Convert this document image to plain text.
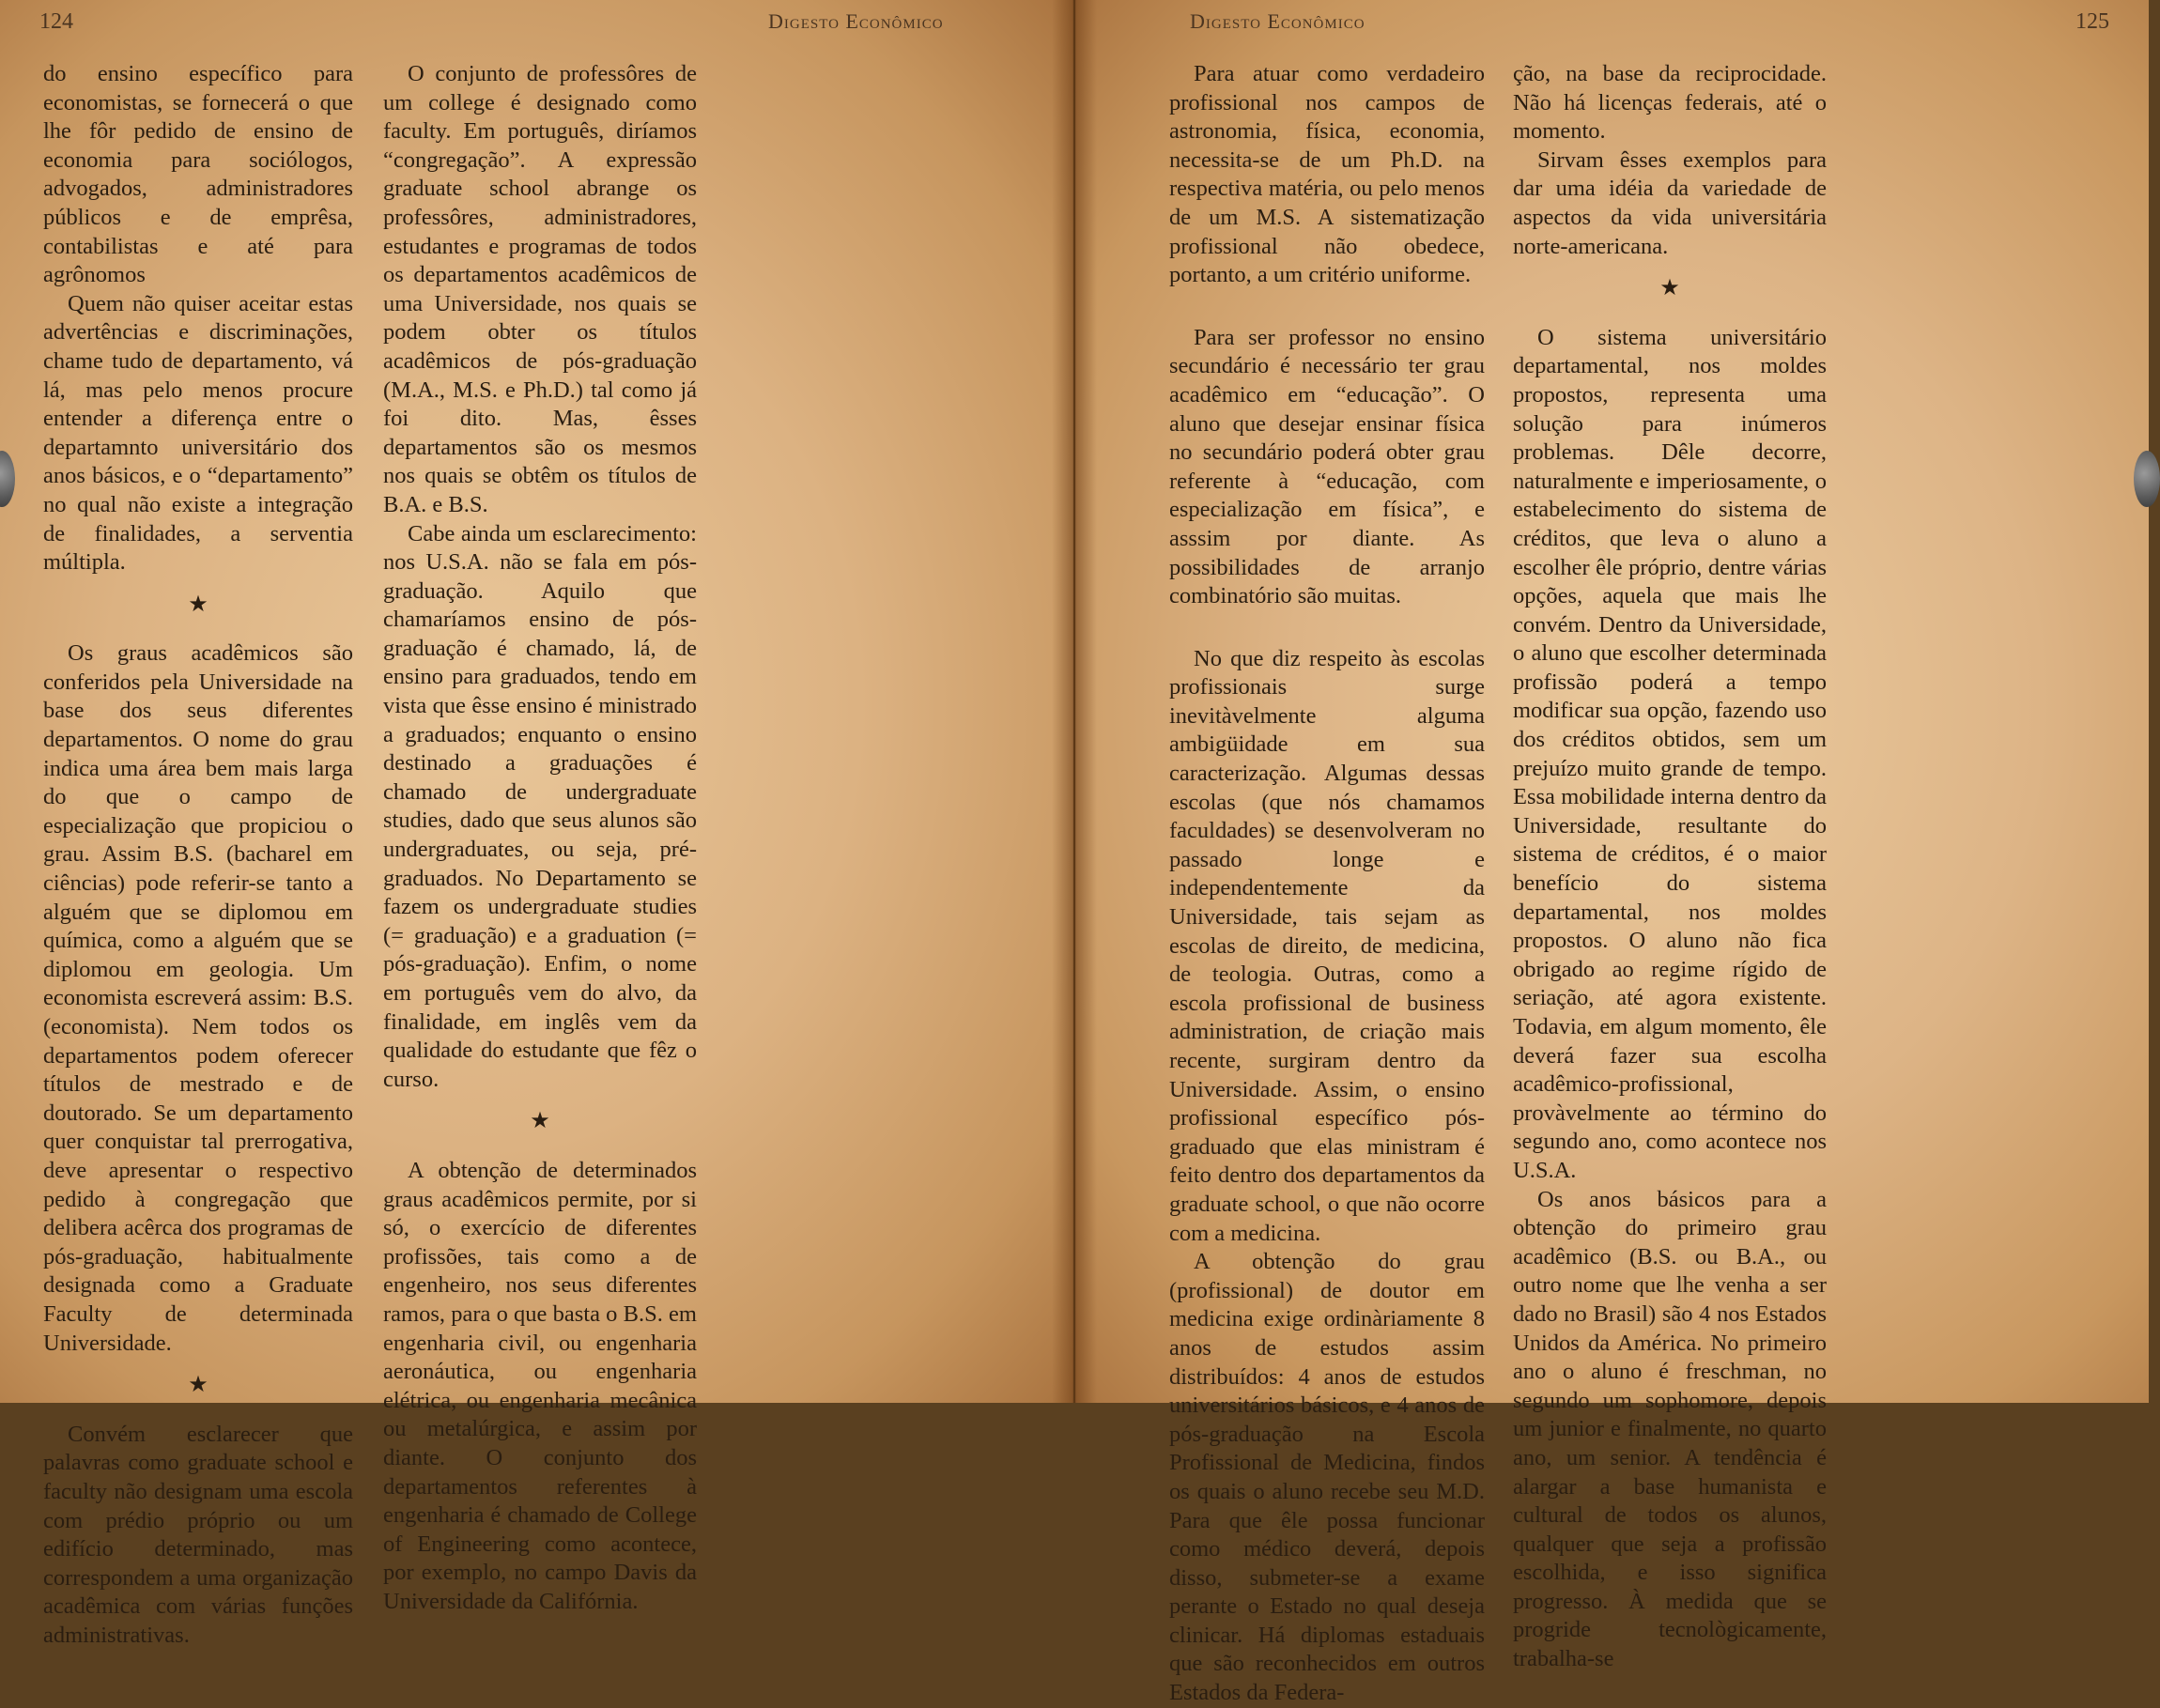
124	Digesto Econômico

do ensino específico para economistas, se fornecerá o que lhe fôr pedido de ensino de economia para sociólogos, advogados, administradores públicos e de emprêsa, contabilistas e até para agrônomos

Quem não quiser aceitar estas advertências e discriminações, chame tudo de departamento, vá lá, mas pelo menos procure entender a diferença entre o departamnto universitário dos anos básicos, e o “departamento” no qual não existe a integração de finalidades, a serventia múltipla.

★

Os graus acadêmicos são conferidos pela Universidade na base dos seus diferentes departamentos. O nome do grau indica uma área bem mais larga do que o campo de especialização que propiciou o grau. Assim B.S. (bacharel em ciências) pode referir-se tanto a alguém que se diplomou em química, como a alguém que se diplomou em geologia. Um economista escreverá assim: B.S. (economista). Nem todos os departamentos podem oferecer títulos de mestrado e de doutorado. Se um departamento quer conquistar tal prerrogativa, deve apresentar o respectivo pedido à congregação que delibera acêrca dos programas de pós-graduação, habitualmente designada como a Graduate Faculty de determinada Universidade.

★

Convém esclarecer que palavras como graduate school e faculty não designam uma escola com prédio próprio ou um edifício determinado, mas correspondem a uma organização acadêmica com várias funções administrativas.

O conjunto de professôres de um college é designado como faculty. Em português, diríamos “congregação”. A expressão graduate school abrange os professôres, administradores, estudantes e programas de todos os departamentos acadêmicos de uma Universidade, nos quais se podem obter os títulos acadêmicos de pós-graduação (M.A., M.S. e Ph.D.) tal como já foi dito. Mas, êsses departamentos são os mesmos nos quais se obtêm os títulos de B.A. e B.S.

Cabe ainda um esclarecimento: nos U.S.A. não se fala em pós-graduação. Aquilo que chamaríamos ensino de pós-graduação é chamado, lá, de ensino para graduados, tendo em vista que êsse ensino é ministrado a graduados; enquanto o ensino destinado a graduações é chamado de undergraduate studies, dado que seus alunos são undergraduates, ou seja, pré-graduados. No Departamento se fazem os undergraduate studies (= graduação) e a graduation (= pós-graduação). Enfim, o nome em português vem do alvo, da finalidade, em inglês vem da qualidade do estudante que fêz o curso.

★

A obtenção de determinados graus acadêmicos permite, por si só, o exercício de diferentes profissões, tais como a de engenheiro, nos seus diferentes ramos, para o que basta o B.S. em engenharia civil, ou engenharia aeronáutica, ou engenharia elétrica, ou engenharia mecânica ou metalúrgica, e assim por diante. O conjunto dos departamentos referentes à engenharia é chamado de College of Engineering como acontece, por exemplo, no campo Davis da Universidade da Califórnia.

Digesto Econômico	125

Para atuar como verdadeiro profissional nos campos de astronomia, física, economia, necessita-se de um Ph.D. na respectiva matéria, ou pelo menos de um M.S. A sistematização profissional não obedece, portanto, a um critério uniforme.

Para ser professor no ensino secundário é necessário ter grau acadêmico em “educação”. O aluno que desejar ensinar física no secundário poderá obter grau referente à “educação, com especialização em física”, e asssim por diante. As possibilidades de arranjo combinatório são muitas.

No que diz respeito às escolas profissionais surge inevitàvelmente alguma ambigüidade em sua caracterização. Algumas dessas escolas (que nós chamamos faculdades) se desenvolveram no passado longe e independentemente da Universidade, tais sejam as escolas de direito, de medicina, de teologia. Outras, como a escola profissional de business administration, de criação mais recente, surgiram dentro da Universidade. Assim, o ensino profissional específico pós-graduado que elas ministram é feito dentro dos departamentos da graduate school, o que não ocorre com a medicina.

A obtenção do grau (profissional) de doutor em medicina exige ordinàriamente 8 anos de estudos assim distribuídos: 4 anos de estudos universitários básicos, e 4 anos de pós-graduação na Escola Profissional de Medicina, findos os quais o aluno recebe seu M.D. Para que êle possa funcionar como médico deverá, depois disso, submeter-se a exame perante o Estado no qual deseja clinicar. Há diplomas estaduais que são reconhecidos em outros Estados da Federa-

ção, na base da reciprocidade. Não há licenças federais, até o momento.

Sirvam êsses exemplos para dar uma idéia da variedade de aspectos da vida universitária norte-americana.

★

O sistema universitário departamental, nos moldes propostos, representa uma solução para inúmeros problemas. Dêle decorre, naturalmente e imperiosamente, o estabelecimento do sistema de créditos, que leva o aluno a escolher êle próprio, dentre várias opções, aquela que mais lhe convém. Dentro da Universidade, o aluno que escolher determinada profissão poderá a tempo modificar sua opção, fazendo uso dos créditos obtidos, sem um prejuízo muito grande de tempo. Essa mobilidade interna dentro da Universidade, resultante do sistema de créditos, é o maior benefício do sistema departamental, nos moldes propostos. O aluno não fica obrigado ao regime rígido de seriação, até agora existente. Todavia, em algum momento, êle deverá fazer sua escolha acadêmico-profissional, provàvelmente ao término do segundo ano, como acontece nos U.S.A.

Os anos básicos para a obtenção do primeiro grau acadêmico (B.S. ou B.A., ou outro nome que lhe venha a ser dado no Brasil) são 4 nos Estados Unidos da América. No primeiro ano o aluno é freschman, no segundo um sophomore, depois um junior e finalmente, no quarto ano, um senior. A tendência é alargar a base humanista e cultural de todos os alunos, qualquer que seja a profissão escolhida, e isso significa progresso. À medida que se progride tecnològicamente, trabalha-se
